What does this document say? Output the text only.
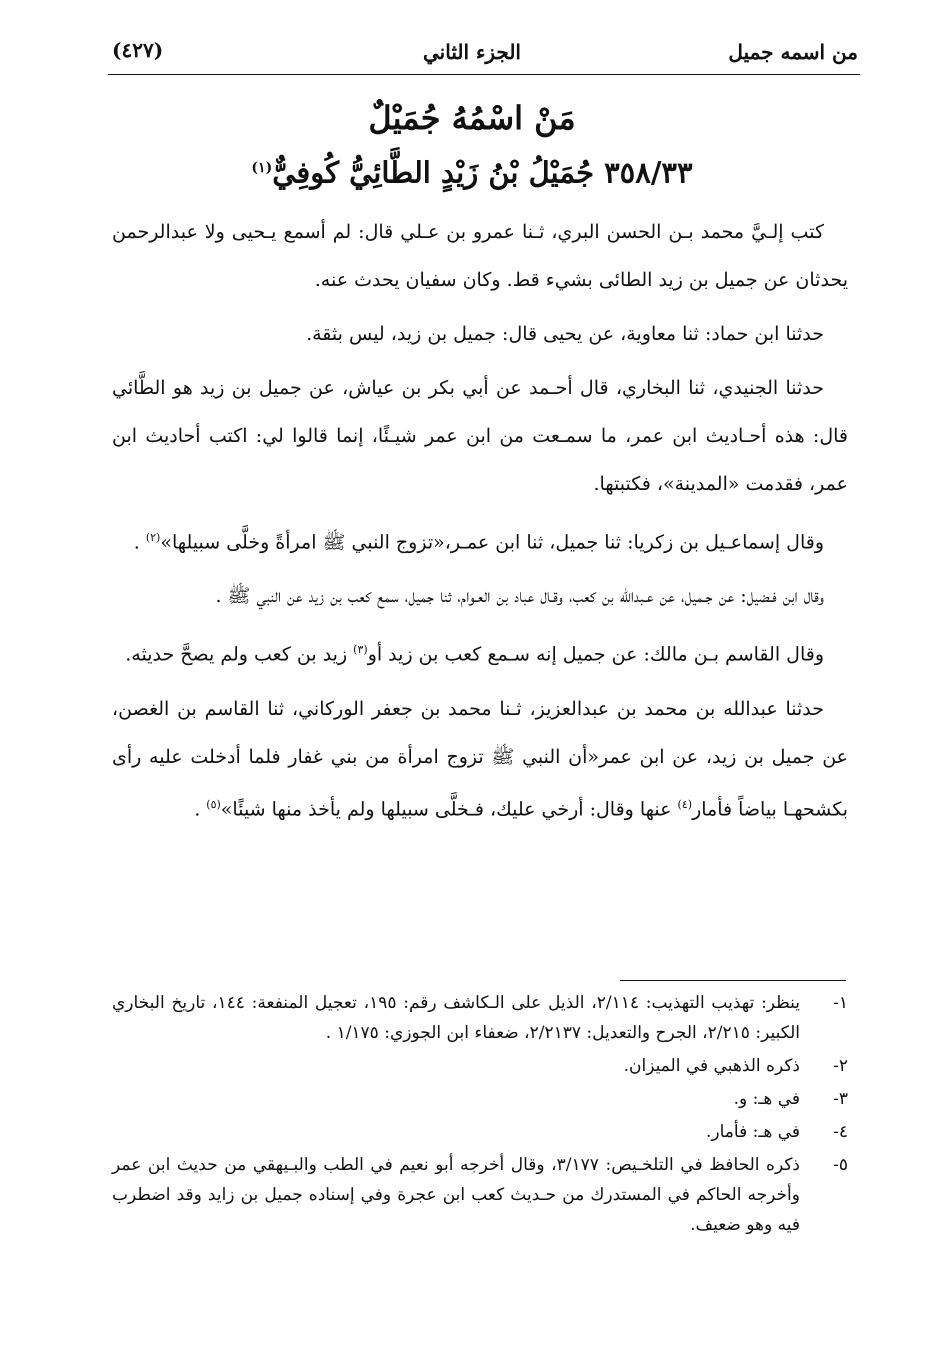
من اسمه جميل
الجزء الثاني
(٤٢٧)
مَنْ اسْمُهُ جُمَيْلٌ
٣٥٨/٣٣ جُمَيْلُ بْنُ زَيْدٍ الطَّائِيُّ كُوفِيٌّ$^{(١)}$

كتب إلـيَّ محمد بـن الحسن البري، ثـنا عمرو بن عـلي قال: لم أسمع يـحيى ولا عبدالرحمن يحدثان عن جميل بن زيد الطائى بشيء قط. وكان سفيان يحدث عنه.

حدثنا ابن حماد: ثنا معاوية، عن يحيى قال: جميل بن زيد، ليس بثقة.

حدثنا الجنيدي، ثنا البخاري، قال أحـمد عن أبي بكر بن عياش، عن جميل بن زيد هو الطَّائي قال: هذه أحـاديث ابن عمر، ما سمـعت من ابن عمر شيـئًا، إنما قالوا لي: اكتب أحاديث ابن عمر، فقدمت «المدينة»، فكتبتها.

وقال إسماعـيل بن زكريا: ثنا جميل، ثنا ابن عمـر،«تزوج النبي ﷺ امرأةً وخلَّى سبيلها»$^{(٢)}$ .

وقال ابن فـضيل: عن جـميل، عن عـبدالله بن كعب، وقـال عباد بن العـوام، ثنا جميل، سمع كعب بن زيد عن النبي ﷺ .

وقال القاسم بـن مالك: عن جميل إنه سـمع كعب بن زيد أو$^{(٣)}$ زيد بن كعب ولم يصحَّ حديثه.

حدثنا عبدالله بن محمد بن عبدالعزيز، ثـنا محمد بن جعفر الوركاني، ثنا القاسم بن الغصن، عن جميل بن زيد، عن ابن عمر«أن النبي ﷺ تزوج امرأة من بني غفار فلما أدخلت عليه رأى بكشحهـا بياضاً فأمار$^{(٤)}$ عنها وقال: أرخي عليك، فـخلَّى سبيلها ولم يأخذ منها شيئًا»$^{(٥)}$ .

١-
ينظر: تهذيب التهذيب: ٢/١١٤، الذيل على الـكاشف رقم: ١٩٥، تعجيل المنفعة: ١٤٤، تاريخ البخاري الكبير: ٢/٢١٥، الجرح والتعديل: ٢/٢١٣٧، ضعفاء ابن الجوزي: ١/١٧٥ .
٢-
ذكره الذهبي في الميزان.
٣-
في هـ: و.
٤-
في هـ: فأمار.
٥-
ذكره الحافظ في التلخـيص: ٣/١٧٧، وقال أخرجه أبو نعيم في الطب والبـيهقي من حديث ابن عمر وأخرجه الحاكم في المستدرك من حـديث كعب ابن عجرة وفي إسناده جميل بن زايد وقد اضطرب فيه وهو ضعيف.
